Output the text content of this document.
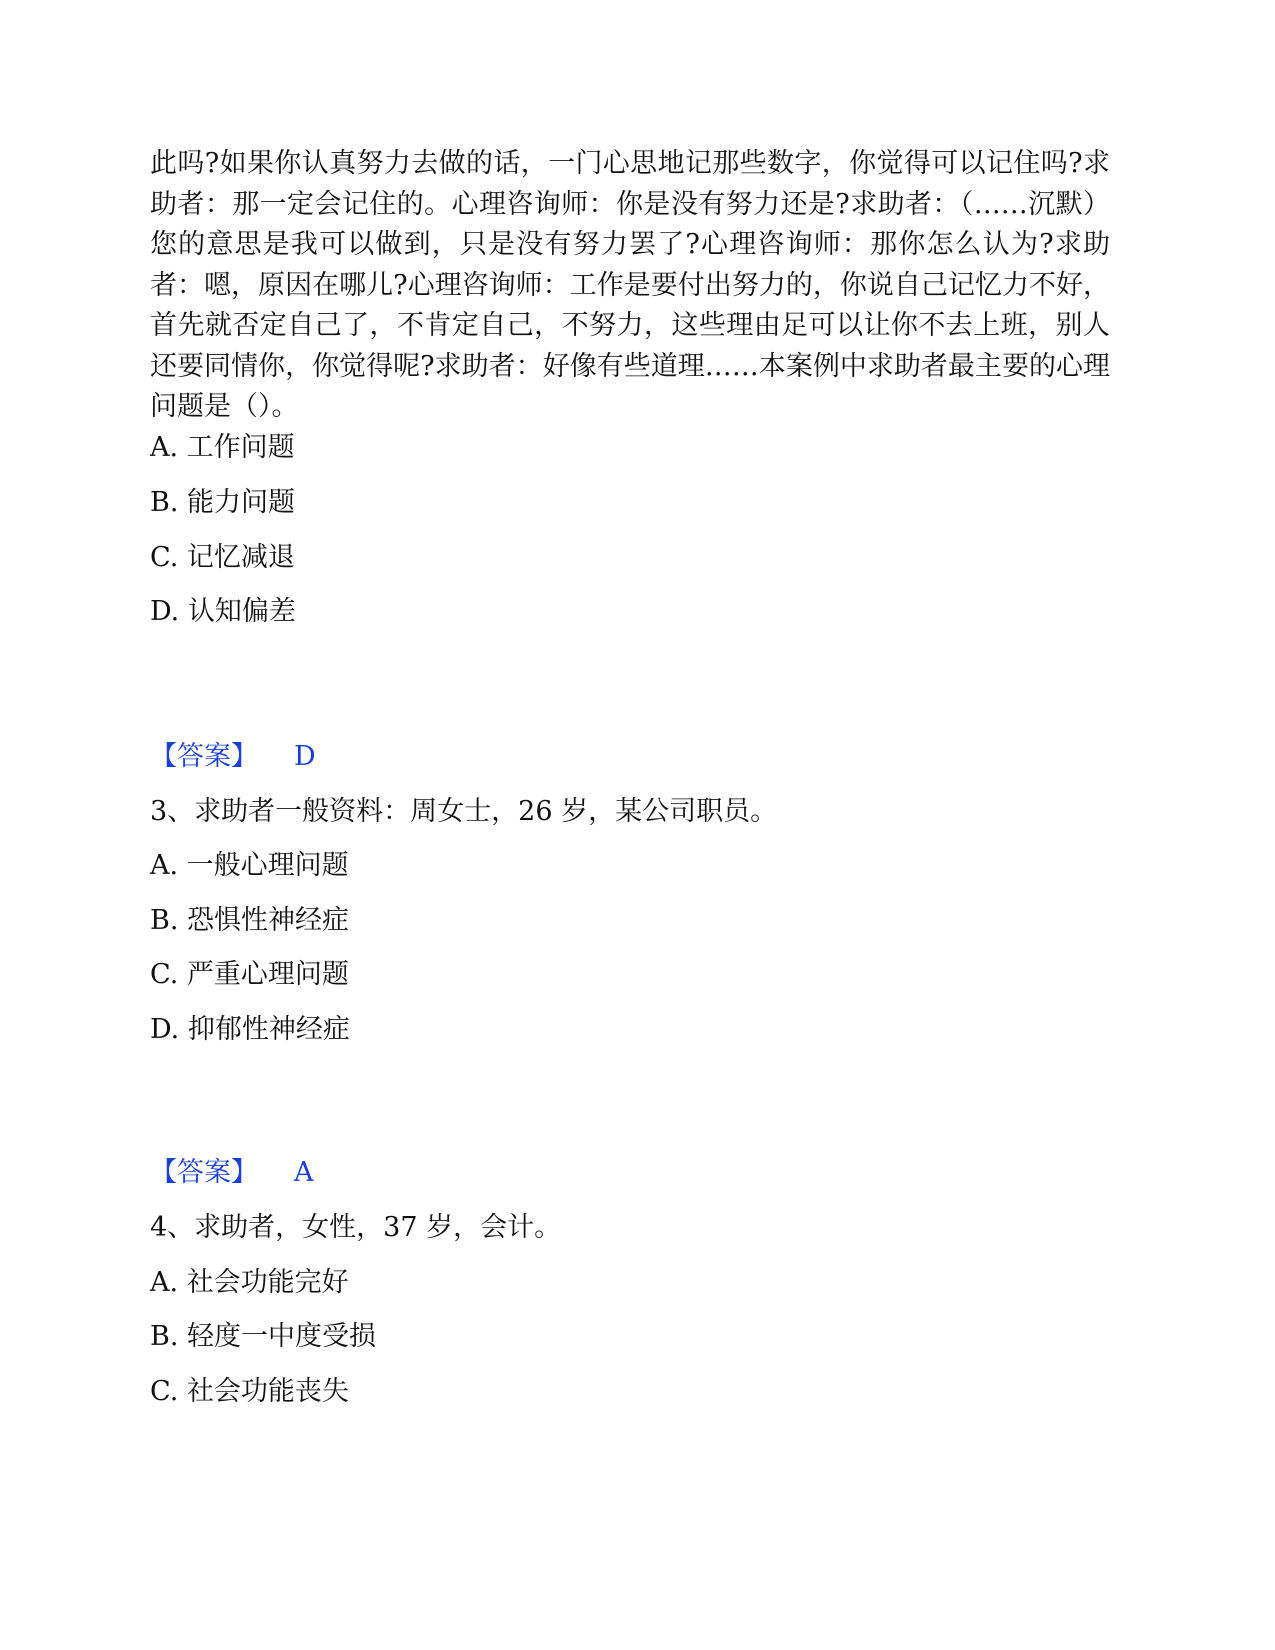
此吗?如果你认真努力去做的话，一门心思地记那些数字，你觉得可以记住吗?求助者：那一定会记住的。心理咨询师：你是没有努力还是?求助者：（……沉默）您的意思是我可以做到，只是没有努力罢了?心理咨询师：那你怎么认为?求助者：嗯，原因在哪儿?心理咨询师：工作是要付出努力的，你说自己记忆力不好，首先就否定自己了，不肯定自己，不努力，这些理由足可以让你不去上班，别人还要同情你，你觉得呢?求助者：好像有些道理……本案例中求助者最主要的心理问题是（）。

A. 工作问题

B. 能力问题

C. 记忆减退

D. 认知偏差

【答案】 D

3、求助者一般资料：周女士，26 岁，某公司职员。

A. 一般心理问题

B. 恐惧性神经症

C. 严重心理问题

D. 抑郁性神经症

【答案】 A

4、求助者，女性，37 岁，会计。

A. 社会功能完好

B. 轻度一中度受损

C. 社会功能丧失
